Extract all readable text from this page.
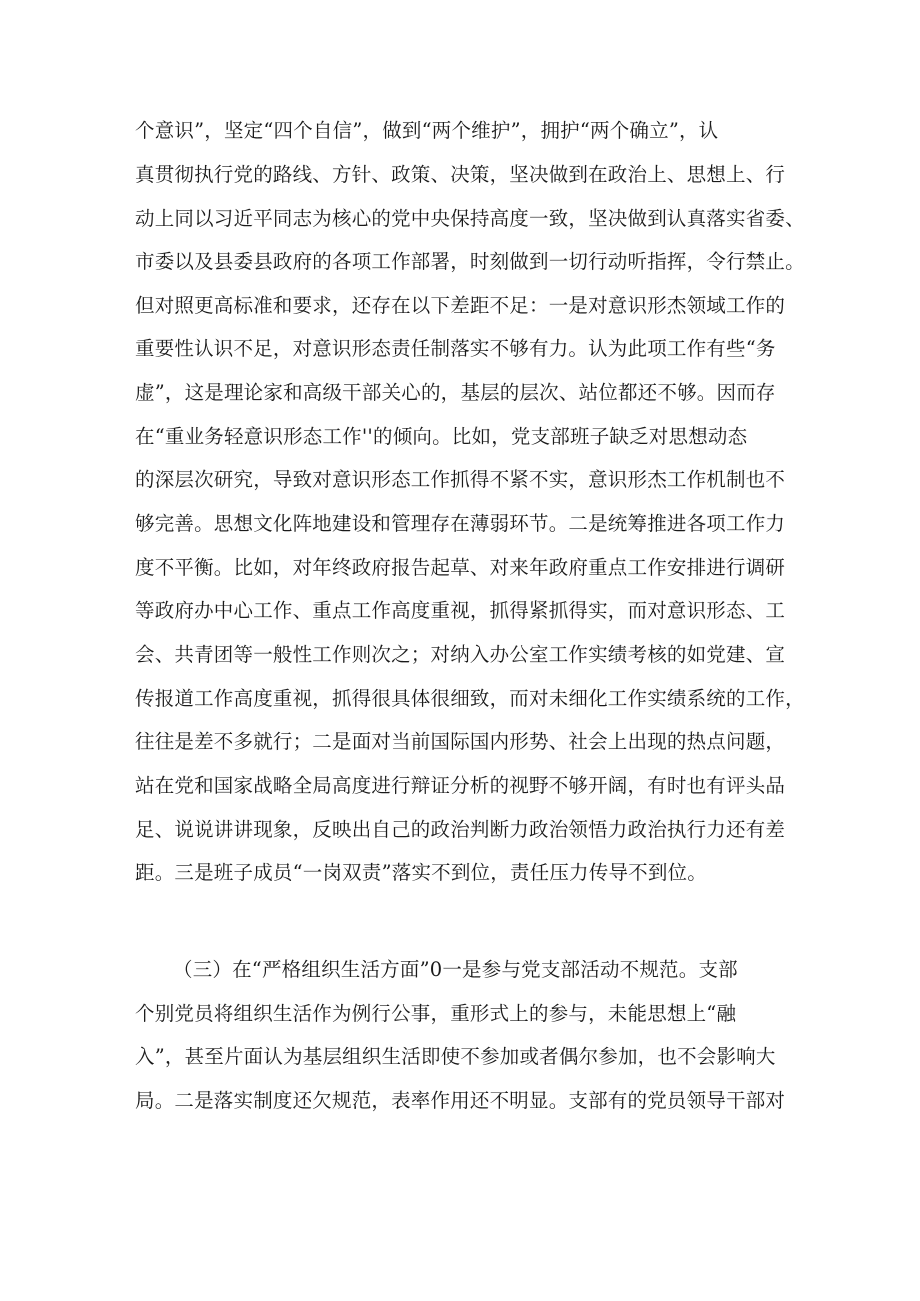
个意识”，坚定“四个自信”，做到“两个维护”，拥护“两个确立”，认
真贯彻执行党的路线、方针、政策、决策，坚决做到在政治上、思想上、行
动上同以习近平同志为核心的党中央保持高度一致，坚决做到认真落实省委、
市委以及县委县政府的各项工作部署，时刻做到一切行动听指挥，令行禁止。
但对照更高标准和要求，还存在以下差距不足：一是对意识形杰领域工作的
重要性认识不足，对意识形态责任制落实不够有力。认为此项工作有些“务
虚”，这是理论家和高级干部关心的，基层的层次、站位都还不够。因而存
在“重业务轻意识形态工作''的倾向。比如，党支部班子缺乏对思想动态
的深层次研究，导致对意识形态工作抓得不紧不实，意识形杰工作机制也不
够完善。思想文化阵地建设和管理存在薄弱环节。二是统筹推进各项工作力
度不平衡。比如，对年终政府报告起草、对来年政府重点工作安排进行调研
等政府办中心工作、重点工作高度重视，抓得紧抓得实，而对意识形态、工
会、共青团等一般性工作则次之；对纳入办公室工作实绩考核的如党建、宣
传报道工作高度重视，抓得很具体很细致，而对未细化工作实绩系统的工作，
往往是差不多就行；二是面对当前国际国内形势、社会上出现的热点问题，
站在党和国家战略全局高度进行辩证分析的视野不够开阔，有时也有评头品
足、说说讲讲现象，反映出自己的政治判断力政治领悟力政治执行力还有差
距。三是班子成员“一岗双责”落实不到位，责任压力传导不到位。
（三）在“严格组织生活方面”0一是参与党支部活动不规范。支部
个别党员将组织生活作为例行公事，重形式上的参与，未能思想上“融
入”，甚至片面认为基层组织生活即使不参加或者偶尔参加，也不会影响大
局。二是落实制度还欠规范，表率作用还不明显。支部有的党员领导干部对
